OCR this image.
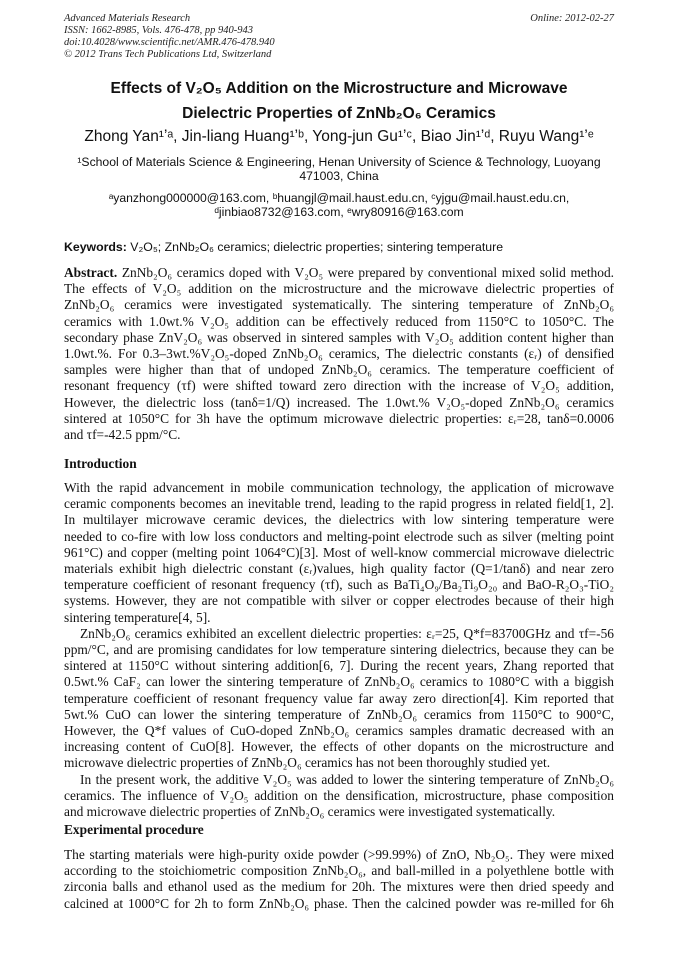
Advanced Materials Research
ISSN: 1662-8985, Vols. 476-478, pp 940-943
doi:10.4028/www.scientific.net/AMR.476-478.940
© 2012 Trans Tech Publications Ltd, Switzerland
Online: 2012-02-27
Effects of V₂O₅ Addition on the Microstructure and Microwave
Dielectric Properties of ZnNb₂O₆ Ceramics
Zhong Yan¹ʼᵃ, Jin-liang Huang¹ʼᵇ, Yong-jun Gu¹ʼᶜ, Biao Jin¹ʼᵈ, Ruyu Wang¹ʼᵉ
¹School of Materials Science & Engineering, Henan University of Science & Technology, Luoyang
471003, China
ᵃyanzhong000000@163.com, ᵇhuangjl@mail.haust.edu.cn, ᶜyjgu@mail.haust.edu.cn,
ᵈjinbiao8732@163.com, ᵉwry80916@163.com
Keywords: V₂O₅; ZnNb₂O₆ ceramics; dielectric properties; sintering temperature
Abstract. ZnNb₂O₆ ceramics doped with V₂O₅ were prepared by conventional mixed solid method.
The effects of V₂O₅ addition on the microstructure and the microwave dielectric properties of
ZnNb₂O₆ ceramics were investigated systematically. The sintering temperature of ZnNb₂O₆
ceramics with 1.0wt.% V₂O₅ addition can be effectively reduced from 1150°C to 1050°C. The
secondary phase ZnV₂O₆ was observed in sintered samples with V₂O₅ addition content higher than
1.0wt.%. For 0.3–3wt.%V₂O₅-doped ZnNb₂O₆ ceramics, The dielectric constants (εᵣ) of densified
samples were higher than that of undoped ZnNb₂O₆ ceramics. The temperature coefficient of
resonant frequency (τf) were shifted toward zero direction with the increase of V₂O₅ addition,
However, the dielectric loss (tanδ=1/Q) increased. The 1.0wt.% V₂O₅-doped ZnNb₂O₆ ceramics
sintered at 1050°C for 3h have the optimum microwave dielectric properties: εᵣ=28, tanδ=0.0006
and τf=-42.5 ppm/°C.
Introduction
With the rapid advancement in mobile communication technology, the application of microwave
ceramic components becomes an inevitable trend, leading to the rapid progress in related field[1, 2].
In multilayer microwave ceramic devices, the dielectrics with low sintering temperature were
needed to co-fire with low loss conductors and melting-point electrode such as silver (melting point
961°C) and copper (melting point 1064°C)[3]. Most of well-know commercial microwave dielectric
materials exhibit high dielectric constant (εᵣ)values, high quality factor (Q=1/tanδ) and near zero
temperature coefficient of resonant frequency (τf), such as BaTi₄O₉/Ba₂Ti₉O₂₀ and BaO-R₂O₃-TiO₂
systems. However, they are not compatible with silver or copper electrodes because of their high
sintering temperature[4, 5].
ZnNb₂O₆ ceramics exhibited an excellent dielectric properties: εᵣ=25, Q*f=83700GHz and τf=-56
ppm/°C, and are promising candidates for low temperature sintering dielectrics, because they can be
sintered at 1150°C without sintering addition[6, 7]. During the recent years, Zhang reported that
0.5wt.% CaF₂ can lower the sintering temperature of ZnNb₂O₆ ceramics to 1080°C with a biggish
temperature coefficient of resonant frequency value far away zero direction[4]. Kim reported that
5wt.% CuO can lower the sintering temperature of ZnNb₂O₆ ceramics from 1150°C to 900°C,
However, the Q*f values of CuO-doped ZnNb₂O₆ ceramics samples dramatic decreased with an
increasing content of CuO[8]. However, the effects of other dopants on the microstructure and
microwave dielectric properties of ZnNb₂O₆ ceramics has not been thoroughly studied yet.
In the present work, the additive V₂O₅ was added to lower the sintering temperature of ZnNb₂O₆
ceramics. The influence of V₂O₅ addition on the densification, microstructure, phase composition
and microwave dielectric properties of ZnNb₂O₆ ceramics were investigated systematically.
Experimental procedure
The starting materials were high-purity oxide powder (>99.99%) of ZnO, Nb₂O₅. They were mixed
according to the stoichiometric composition ZnNb₂O₆, and ball-milled in a polyethlene bottle with
zirconia balls and ethanol used as the medium for 20h. The mixtures were then dried speedy and
calcined at 1000°C for 2h to form ZnNb₂O₆ phase. Then the calcined powder was re-milled for 6h
